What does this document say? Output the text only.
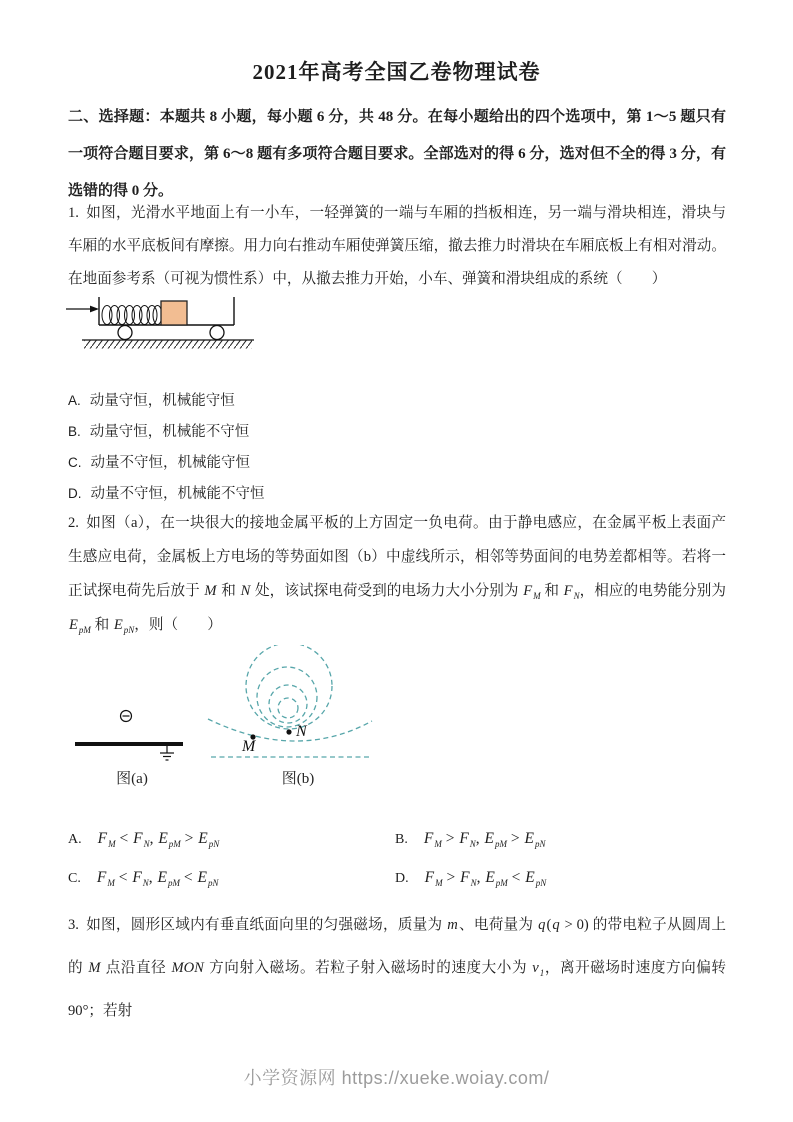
2021年高考全国乙卷物理试卷
二、选择题：本题共 8 小题，每小题 6 分，共 48 分。在每小题给出的四个选项中，第 1～5 题只有一项符合题目要求，第 6～8 题有多项符合题目要求。全部选对的得 6 分，选对但不全的得 3 分，有选错的得 0 分。
1. 如图，光滑水平地面上有一小车，一轻弹簧的一端与车厢的挡板相连，另一端与滑块相连，滑块与车厢的水平底板间有摩擦。用力向右推动车厢使弹簧压缩，撤去推力时滑块在车厢底板上有相对滑动。在地面参考系（可视为惯性系）中，从撤去推力开始，小车、弹簧和滑块组成的系统（　　）
A. 动量守恒，机械能守恒
B. 动量守恒，机械能不守恒
C. 动量不守恒，机械能守恒
D. 动量不守恒，机械能不守恒
2. 如图（a），在一块很大的接地金属平板的上方固定一负电荷。由于静电感应，在金属平板上表面产生感应电荷，金属板上方电场的等势面如图（b）中虚线所示，相邻等势面间的电势差都相等。若将一正试探电荷先后放于 M 和 N 处，该试探电荷受到的电场力大小分别为 $F_M$ 和 $F_N$，相应的电势能分别为 $E_{pM}$ 和 $E_{pN}$，则（　　）
M
N
图(a)	图(b)
A. $F_M < F_N$, $E_{pM} > E_{pN}$	B. $F_M > F_N$, $E_{pM} > E_{pN}$
C. $F_M < F_N$, $E_{pM} < E_{pN}$	D. $F_M > F_N$, $E_{pM} < E_{pN}$
3. 如图，圆形区域内有垂直纸面向里的匀强磁场，质量为 m、电荷量为 q(q > 0) 的带电粒子从圆周上的 M 点沿直径 MON 方向射入磁场。若粒子射入磁场时的速度大小为 $v_1$，离开磁场时速度方向偏转 90°；若射
小学资源网 https://xueke.woiay.com/
